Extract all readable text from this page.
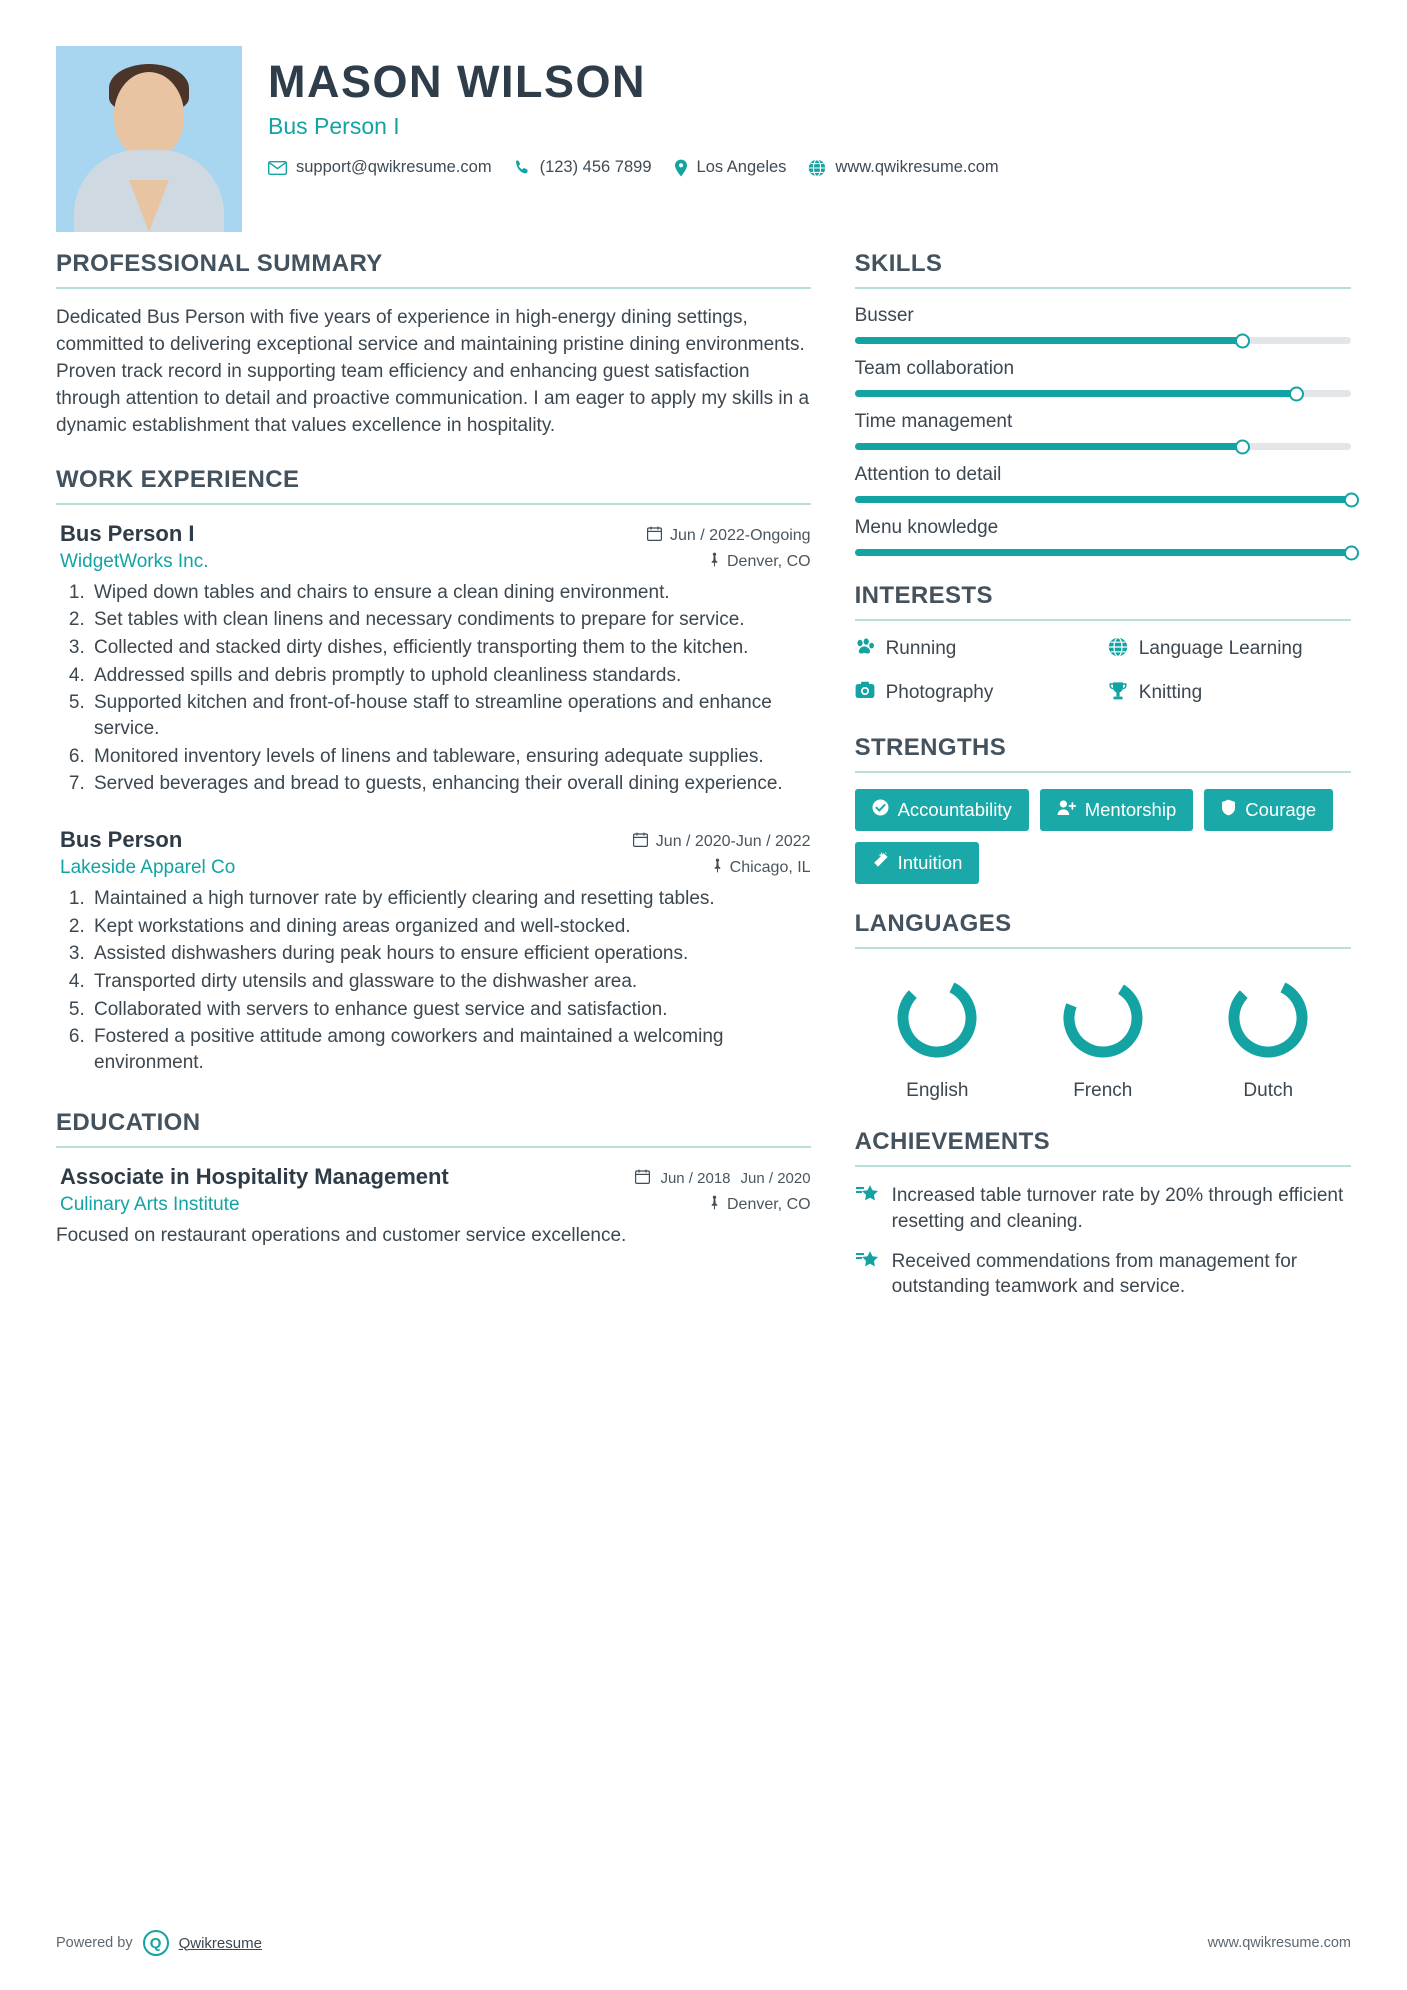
MASON WILSON
Bus Person I
support@qwikresume.com	(123) 456 7899	Los Angeles	www.qwikresume.com
PROFESSIONAL SUMMARY
Dedicated Bus Person with five years of experience in high-energy dining settings, committed to delivering exceptional service and maintaining pristine dining environments. Proven track record in supporting team efficiency and enhancing guest satisfaction through attention to detail and proactive communication. I am eager to apply my skills in a dynamic establishment that values excellence in hospitality.
WORK EXPERIENCE
Bus Person I	Jun / 2022-Ongoing
WidgetWorks Inc.	Denver, CO
1. Wiped down tables and chairs to ensure a clean dining environment.
2. Set tables with clean linens and necessary condiments to prepare for service.
3. Collected and stacked dirty dishes, efficiently transporting them to the kitchen.
4. Addressed spills and debris promptly to uphold cleanliness standards.
5. Supported kitchen and front-of-house staff to streamline operations and enhance service.
6. Monitored inventory levels of linens and tableware, ensuring adequate supplies.
7. Served beverages and bread to guests, enhancing their overall dining experience.
Bus Person	Jun / 2020-Jun / 2022
Lakeside Apparel Co	Chicago, IL
1. Maintained a high turnover rate by efficiently clearing and resetting tables.
2. Kept workstations and dining areas organized and well-stocked.
3. Assisted dishwashers during peak hours to ensure efficient operations.
4. Transported dirty utensils and glassware to the dishwasher area.
5. Collaborated with servers to enhance guest service and satisfaction.
6. Fostered a positive attitude among coworkers and maintained a welcoming environment.
EDUCATION
Associate in Hospitality Management	Jun / 2018 Jun / 2020
Culinary Arts Institute	Denver, CO
Focused on restaurant operations and customer service excellence.
SKILLS
Busser
Team collaboration
Time management
Attention to detail
Menu knowledge
INTERESTS
Running	Language Learning
Photography	Knitting
STRENGTHS
Accountability	Mentorship	Courage
Intuition
LANGUAGES
English	French	Dutch
ACHIEVEMENTS
Increased table turnover rate by 20% through efficient resetting and cleaning.
Received commendations from management for outstanding teamwork and service.
Powered by	Q	Qwikresume	www.qwikresume.com
